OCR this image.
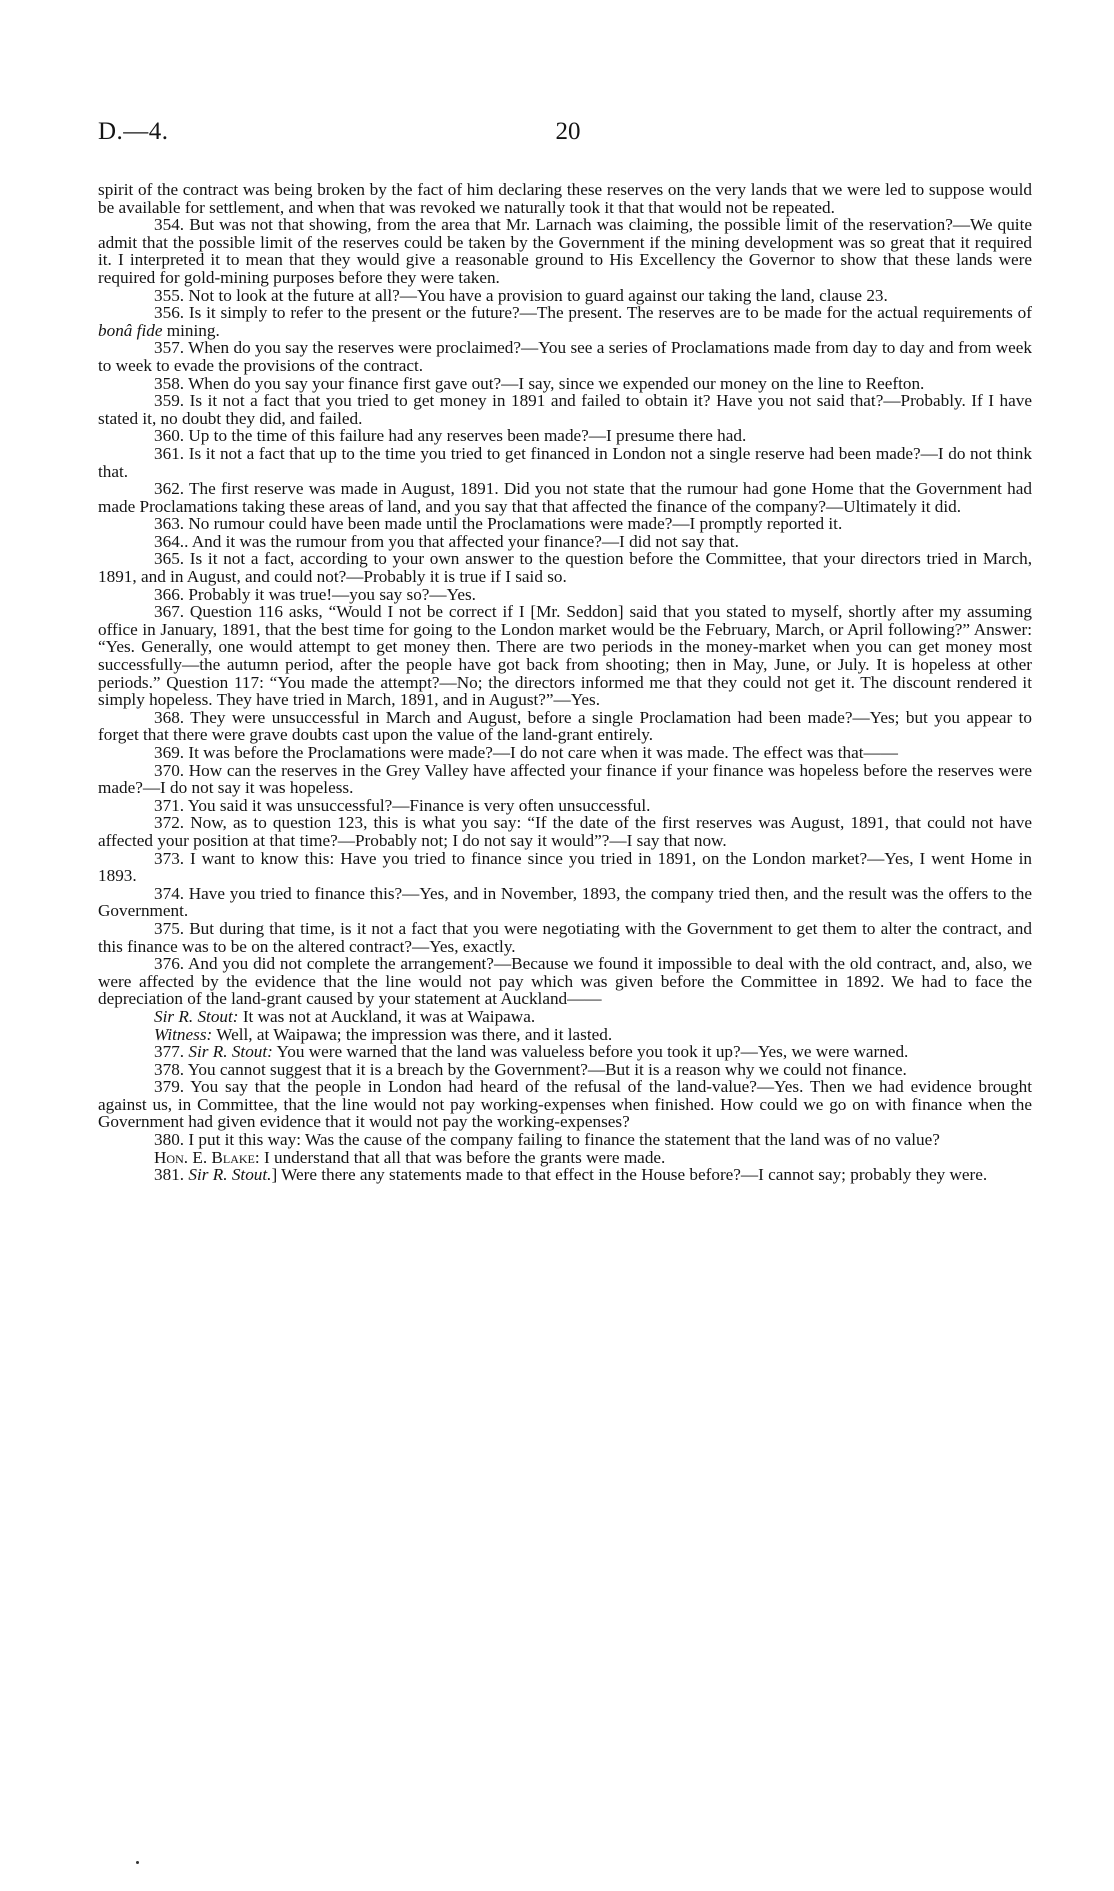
D.—4.	20

spirit of the contract was being broken by the fact of him declaring these reserves on the very lands that we were led to suppose would be available for settlement, and when that was revoked we naturally took it that that would not be repeated.

354. But was not that showing, from the area that Mr. Larnach was claiming, the possible limit of the reservation?—We quite admit that the possible limit of the reserves could be taken by the Government if the mining development was so great that it required it. I interpreted it to mean that they would give a reasonable ground to His Excellency the Governor to show that these lands were required for gold-mining purposes before they were taken.

355. Not to look at the future at all?—You have a provision to guard against our taking the land, clause 23.

356. Is it simply to refer to the present or the future?—The present. The reserves are to be made for the actual requirements of bonâ fide mining.

357. When do you say the reserves were proclaimed?—You see a series of Proclamations made from day to day and from week to week to evade the provisions of the contract.

358. When do you say your finance first gave out?—I say, since we expended our money on the line to Reefton.

359. Is it not a fact that you tried to get money in 1891 and failed to obtain it? Have you not said that?—Probably. If I have stated it, no doubt they did, and failed.

360. Up to the time of this failure had any reserves been made?—I presume there had.

361. Is it not a fact that up to the time you tried to get financed in London not a single reserve had been made?—I do not think that.

362. The first reserve was made in August, 1891. Did you not state that the rumour had gone Home that the Government had made Proclamations taking these areas of land, and you say that that affected the finance of the company?—Ultimately it did.

363. No rumour could have been made until the Proclamations were made?—I promptly reported it.

364.. And it was the rumour from you that affected your finance?—I did not say that.

365. Is it not a fact, according to your own answer to the question before the Committee, that your directors tried in March, 1891, and in August, and could not?—Probably it is true if I said so.

366. Probably it was true!—you say so?—Yes.

367. Question 116 asks, “Would I not be correct if I [Mr. Seddon] said that you stated to myself, shortly after my assuming office in January, 1891, that the best time for going to the London market would be the February, March, or April following?” Answer: “Yes. Generally, one would attempt to get money then. There are two periods in the money-market when you can get money most successfully—the autumn period, after the people have got back from shooting; then in May, June, or July. It is hopeless at other periods.” Question 117: “You made the attempt?—No; the directors informed me that they could not get it. The discount rendered it simply hopeless. They have tried in March, 1891, and in August?”—Yes.

368. They were unsuccessful in March and August, before a single Proclamation had been made?—Yes; but you appear to forget that there were grave doubts cast upon the value of the land-grant entirely.

369. It was before the Proclamations were made?—I do not care when it was made. The effect was that——

370. How can the reserves in the Grey Valley have affected your finance if your finance was hopeless before the reserves were made?—I do not say it was hopeless.

371. You said it was unsuccessful?—Finance is very often unsuccessful.

372. Now, as to question 123, this is what you say: “If the date of the first reserves was August, 1891, that could not have affected your position at that time?—Probably not; I do not say it would”?—I say that now.

373. I want to know this: Have you tried to finance since you tried in 1891, on the London market?—Yes, I went Home in 1893.

374. Have you tried to finance this?—Yes, and in November, 1893, the company tried then, and the result was the offers to the Government.

375. But during that time, is it not a fact that you were negotiating with the Government to get them to alter the contract, and this finance was to be on the altered contract?—Yes, exactly.

376. And you did not complete the arrangement?—Because we found it impossible to deal with the old contract, and, also, we were affected by the evidence that the line would not pay which was given before the Committee in 1892. We had to face the depreciation of the land-grant caused by your statement at Auckland——

Sir R. Stout: It was not at Auckland, it was at Waipawa.

Witness: Well, at Waipawa; the impression was there, and it lasted.

377. Sir R. Stout: You were warned that the land was valueless before you took it up?—Yes, we were warned.

378. You cannot suggest that it is a breach by the Government?—But it is a reason why we could not finance.

379. You say that the people in London had heard of the refusal of the land-value?—Yes. Then we had evidence brought against us, in Committee, that the line would not pay working-expenses when finished. How could we go on with finance when the Government had given evidence that it would not pay the working-expenses?

380. I put it this way: Was the cause of the company failing to finance the statement that the land was of no value?

Hon. E. Blake: I understand that all that was before the grants were made.

381. Sir R. Stout.] Were there any statements made to that effect in the House before?—I cannot say; probably they were.
